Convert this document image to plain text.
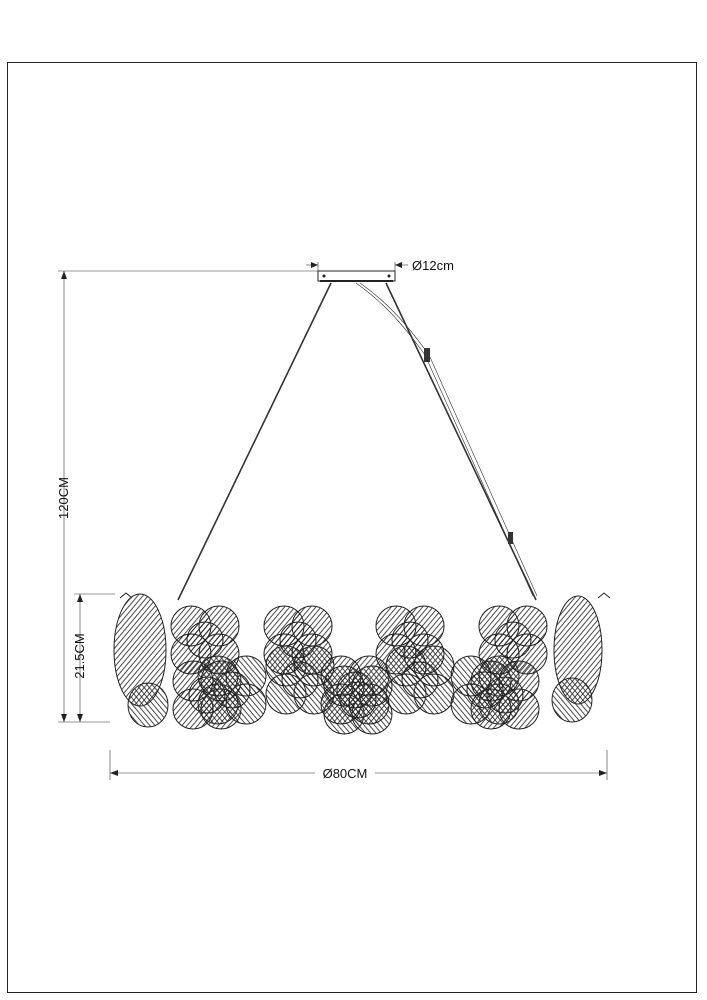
Ø12cm
120CM
21.5CM
Ø80CM
